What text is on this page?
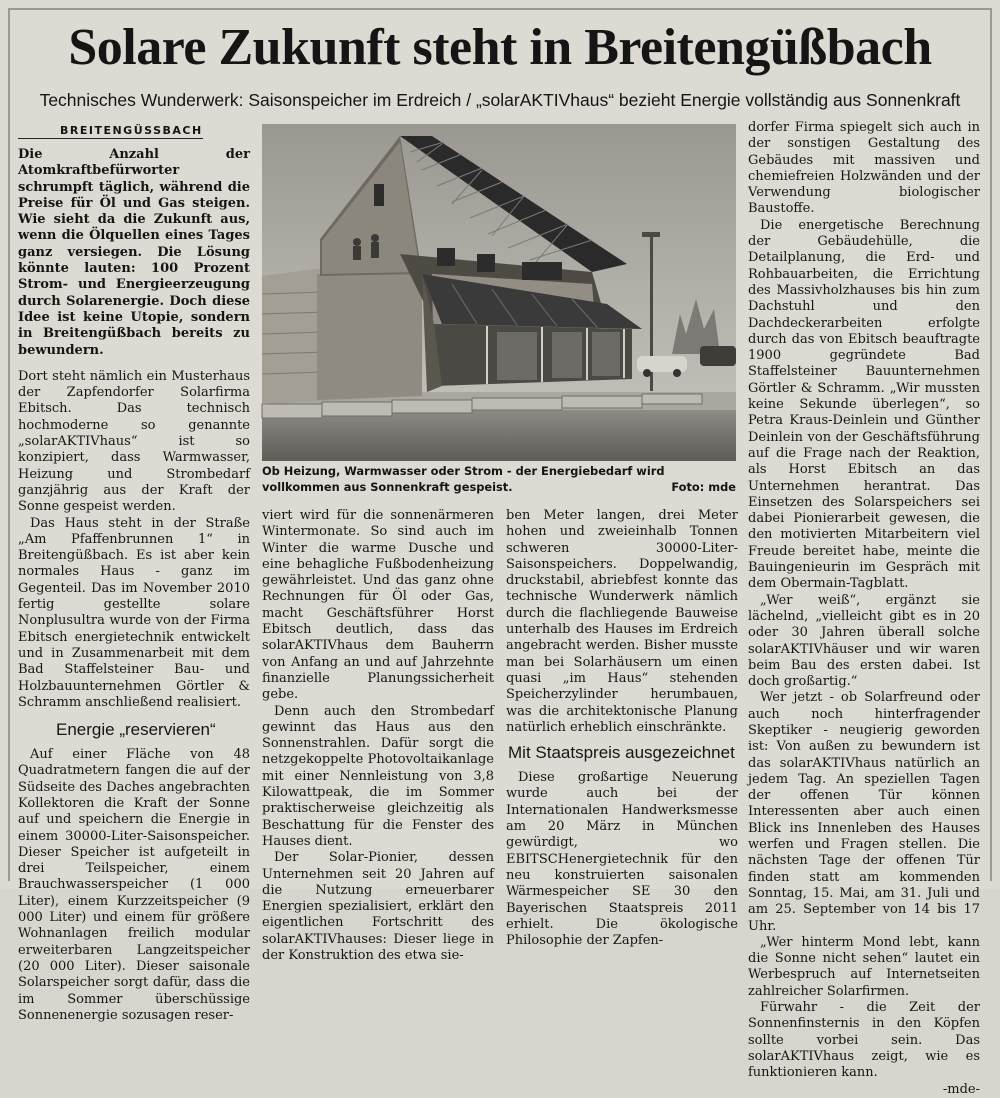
Solare Zukunft steht in Breitengüßbach
Technisches Wunderwerk: Saisonspeicher im Erdreich / „solarAKTIVhaus“ bezieht Energie vollständig aus Sonnenkraft
BREITENGÜSSBACH

Die Anzahl der Atomkraftbefürworter schrumpft täglich, während die Preise für Öl und Gas steigen. Wie sieht da die Zukunft aus, wenn die Ölquellen eines Tages ganz versiegen. Die Lösung könnte lauten: 100 Prozent Strom- und Energieerzeugung durch Solarenergie. Doch diese Idee ist keine Utopie, sondern in Breitengüßbach bereits zu bewundern.

Dort steht nämlich ein Musterhaus der Zapfendorfer Solarfirma Ebitsch. Das technisch hochmoderne so genannte „solarAKTIVhaus“ ist so konzipiert, dass Warmwasser, Heizung und Strombedarf ganzjährig aus der Kraft der Sonne gespeist werden.

Das Haus steht in der Straße „Am Pfaffenbrunnen 1“ in Breitengüßbach. Es ist aber kein normales Haus - ganz im Gegenteil. Das im November 2010 fertig gestellte solare Nonplusultra wurde von der Firma Ebitsch energietechnik entwickelt und in Zusammenarbeit mit dem Bad Staffelsteiner Bau- und Holzbauunternehmen Görtler & Schramm anschließend realisiert.

Energie „reservieren“

Auf einer Fläche von 48 Quadratmetern fangen die auf der Südseite des Daches angebrachten Kollektoren die Kraft der Sonne auf und speichern die Energie in einem 30000-Liter-Saisonspeicher. Dieser Speicher ist aufgeteilt in drei Teilspeicher, einem Brauchwasserspeicher (1 000 Liter), einem Kurzzeitspeicher (9 000 Liter) und einem für größere Wohnanlagen freilich modular erweiterbaren Langzeitspeicher (20 000 Liter). Dieser saisonale Solarspeicher sorgt dafür, dass die im Sommer überschüssige Sonnenenergie sozusagen reser-

Ob Heizung, Warmwasser oder Strom - der Energiebedarf wird vollkommen aus Sonnenkraft gespeist.	Foto: mde

viert wird für die sonnenärmeren Wintermonate. So sind auch im Winter die warme Dusche und eine behagliche Fußbodenheizung gewährleistet. Und das ganz ohne Rechnungen für Öl oder Gas, macht Geschäftsführer Horst Ebitsch deutlich, dass das solarAKTIVhaus dem Bauherrn von Anfang an und auf Jahrzehnte finanzielle Planungssicherheit gebe.

Denn auch den Strombedarf gewinnt das Haus aus den Sonnenstrahlen. Dafür sorgt die netzgekoppelte Photovoltaikanlage mit einer Nennleistung von 3,8 Kilowattpeak, die im Sommer praktischerweise gleichzeitig als Beschattung für die Fenster des Hauses dient.

Der Solar-Pionier, dessen Unternehmen seit 20 Jahren auf die Nutzung erneuerbarer Energien spezialisiert, erklärt den eigentlichen Fortschritt des solarAKTIVhauses: Dieser liege in der Konstruktion des etwa sie-

ben Meter langen, drei Meter hohen und zweieinhalb Tonnen schweren 30000-Liter-Saisonspeichers. Doppelwandig, druckstabil, abriebfest konnte das technische Wunderwerk nämlich durch die flachliegende Bauweise unterhalb des Hauses im Erdreich angebracht werden. Bisher musste man bei Solarhäusern um einen quasi „im Haus“ stehenden Speicherzylinder herumbauen, was die architektonische Planung natürlich erheblich einschränkte.

Mit Staatspreis ausgezeichnet

Diese großartige Neuerung wurde auch bei der Internationalen Handwerksmesse am 20 März in München gewürdigt, wo EBITSCHenergietechnik für den neu konstruierten saisonalen Wärmespeicher SE 30 den Bayerischen Staatspreis 2011 erhielt. Die ökologische Philosophie der Zapfen-

dorfer Firma spiegelt sich auch in der sonstigen Gestaltung des Gebäudes mit massiven und chemiefreien Holzwänden und der Verwendung biologischer Baustoffe.

Die energetische Berechnung der Gebäudehülle, die Detailplanung, die Erd- und Rohbauarbeiten, die Errichtung des Massivholzhauses bis hin zum Dachstuhl und den Dachdeckerarbeiten erfolgte durch das von Ebitsch beauftragte 1900 gegründete Bad Staffelsteiner Bauunternehmen Görtler & Schramm. „Wir mussten keine Sekunde überlegen“, so Petra Kraus-Deinlein und Günther Deinlein von der Geschäftsführung auf die Frage nach der Reaktion, als Horst Ebitsch an das Unternehmen herantrat. Das Einsetzen des Solarspeichers sei dabei Pionierarbeit gewesen, die den motivierten Mitarbeitern viel Freude bereitet habe, meinte die Bauingenieurin im Gespräch mit dem Obermain-Tagblatt.

„Wer weiß“, ergänzt sie lächelnd, „vielleicht gibt es in 20 oder 30 Jahren überall solche solarAKTIVhäuser und wir waren beim Bau des ersten dabei. Ist doch großartig.“

Wer jetzt - ob Solarfreund oder auch noch hinterfragender Skeptiker - neugierig geworden ist: Von außen zu bewundern ist das solarAKTIVhaus natürlich an jedem Tag. An speziellen Tagen der offenen Tür können Interessenten aber auch einen Blick ins Innenleben des Hauses werfen und Fragen stellen. Die nächsten Tage der offenen Tür finden statt am kommenden Sonntag, 15. Mai, am 31. Juli und am 25. September von 14 bis 17 Uhr.

„Wer hinterm Mond lebt, kann die Sonne nicht sehen“ lautet ein Werbespruch auf Internetseiten zahlreicher Solarfirmen.

Fürwahr - die Zeit der Sonnenfinsternis in den Köpfen sollte vorbei sein. Das solarAKTIVhaus zeigt, wie es funktionieren kann.

-mde-
